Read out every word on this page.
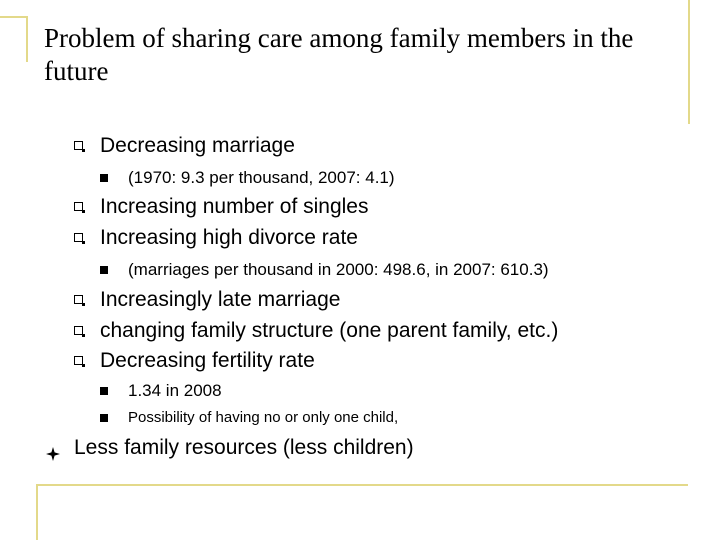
Problem of sharing care among family members in the future
Decreasing marriage
(1970: 9.3 per thousand, 2007: 4.1)
Increasing number of singles
Increasing high divorce rate
(marriages per thousand in 2000: 498.6, in 2007: 610.3)
Increasingly late marriage
changing family structure (one parent family, etc.)
Decreasing fertility rate
1.34 in 2008
Possibility of having no or only one child,
Less family resources (less children)
